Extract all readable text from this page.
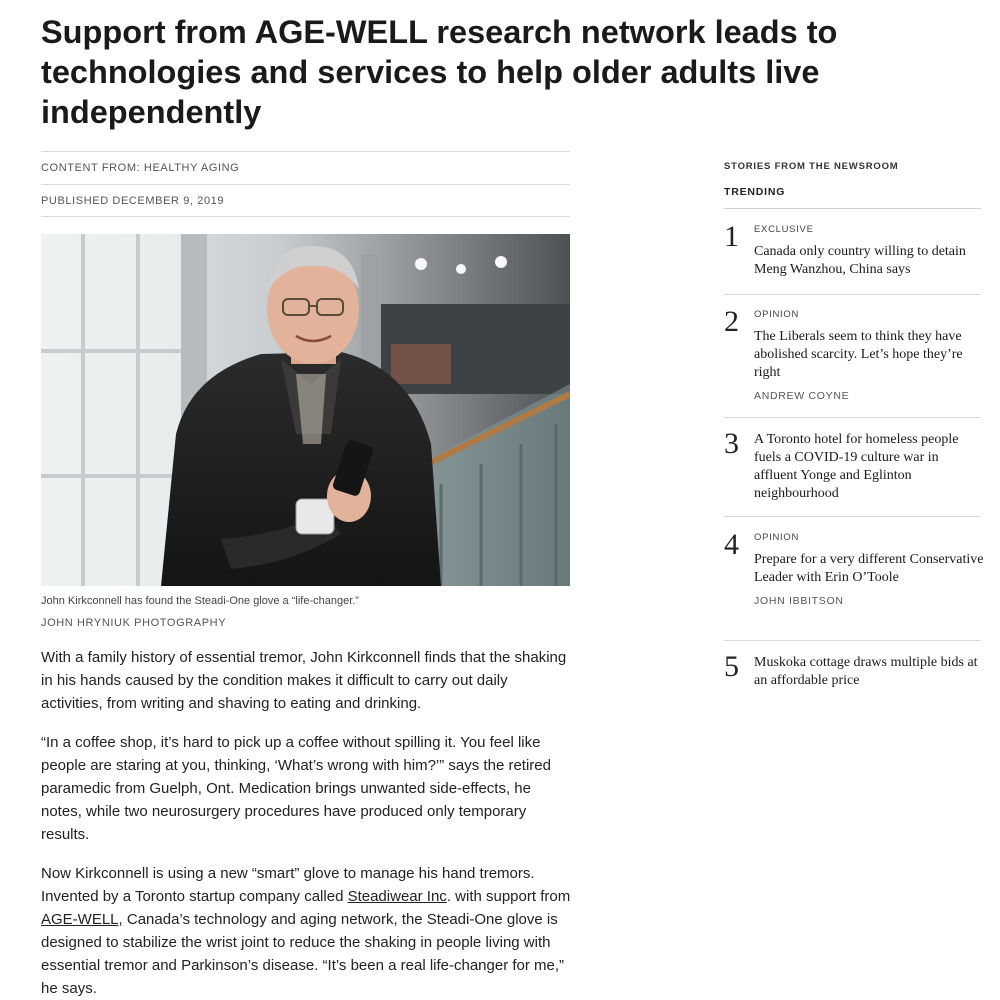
Support from AGE-WELL research network leads to technologies and services to help older adults live independently
CONTENT FROM: HEALTHY AGING
PUBLISHED DECEMBER 9, 2019
John Kirkconnell has found the Steadi-One glove a “life-changer.”
JOHN HRYNIUK PHOTOGRAPHY

With a family history of essential tremor, John Kirkconnell finds that the shaking in his hands caused by the condition makes it difficult to carry out daily activities, from writing and shaving to eating and drinking.

“In a coffee shop, it’s hard to pick up a coffee without spilling it. You feel like people are staring at you, thinking, ‘What’s wrong with him?’” says the retired paramedic from Guelph, Ont. Medication brings unwanted side-effects, he notes, while two neurosurgery procedures have produced only temporary results.

Now Kirkconnell is using a new “smart” glove to manage his hand tremors. Invented by a Toronto startup company called Steadiwear Inc. with support from AGE-WELL, Canada’s technology and aging network, the Steadi-One glove is designed to stabilize the wrist joint to reduce the shaking in people living with essential tremor and Parkinson’s disease. “It’s been a real life-changer for me,” he says.

STORIES FROM THE NEWSROOM
TRENDING
1 EXCLUSIVE
Canada only country willing to detain Meng Wanzhou, China says
2 OPINION
The Liberals seem to think they have abolished scarcity. Let’s hope they’re right
ANDREW COYNE
3 A Toronto hotel for homeless people fuels a COVID-19 culture war in affluent Yonge and Eglinton neighbourhood
4 OPINION
Prepare for a very different Conservative Leader with Erin O’Toole
JOHN IBBITSON
5 Muskoka cottage draws multiple bids at an affordable price
